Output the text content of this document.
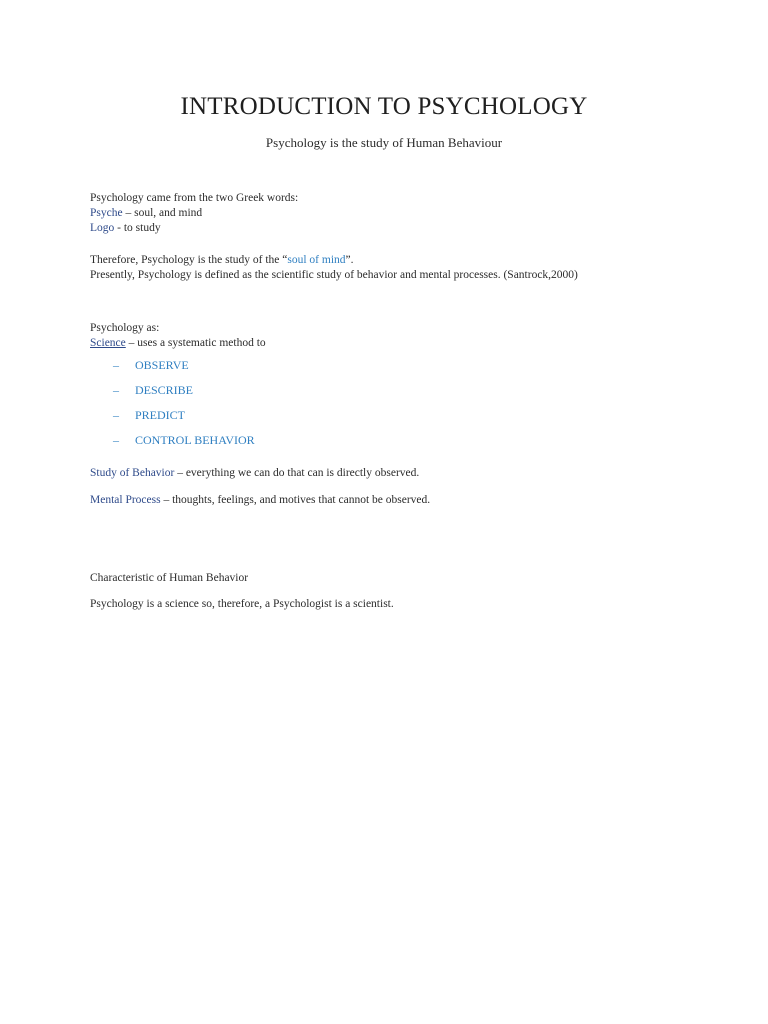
INTRODUCTION TO PSYCHOLOGY
Psychology is the study of Human Behaviour
Psychology came from the two Greek words:
Psyche – soul, and mind
Logo - to study
Therefore, Psychology is the study of the “soul of mind”.
Presently, Psychology is defined as the scientific study of behavior and mental processes. (Santrock,2000)
Psychology as:
Science – uses a systematic method to
– OBSERVE
– DESCRIBE
– PREDICT
– CONTROL BEHAVIOR
Study of Behavior – everything we can do that can is directly observed.
Mental Process – thoughts, feelings, and motives that cannot be observed.
Characteristic of Human Behavior
Psychology is a science so, therefore, a Psychologist is a scientist.
